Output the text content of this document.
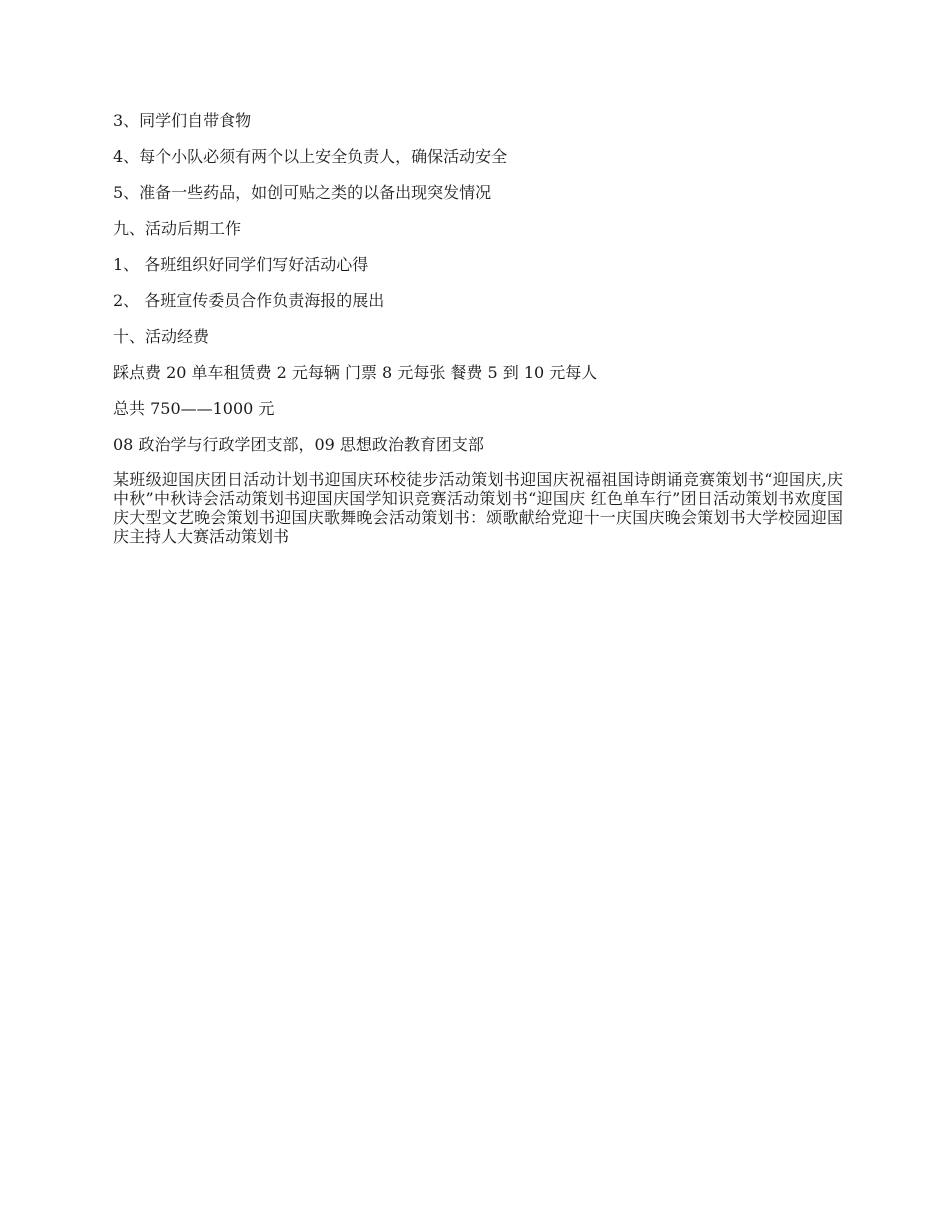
3、同学们自带食物

4、每个小队必须有两个以上安全负责人，确保活动安全

5、准备一些药品，如创可贴之类的以备出现突发情况

九、活动后期工作

1、 各班组织好同学们写好活动心得

2、 各班宣传委员合作负责海报的展出

十、活动经费

踩点费 20 单车租赁费 2 元每辆 门票 8 元每张 餐费 5 到 10 元每人

总共 750——1000 元

08 政治学与行政学团支部，09 思想政治教育团支部

某班级迎国庆团日活动计划书迎国庆环校徒步活动策划书迎国庆祝福祖国诗朗诵竞赛策划书“迎国庆,庆中秋”中秋诗会活动策划书迎国庆国学知识竞赛活动策划书“迎国庆 红色单车行”团日活动策划书欢度国庆大型文艺晚会策划书迎国庆歌舞晚会活动策划书：颂歌献给党迎十一庆国庆晚会策划书大学校园迎国庆主持人大赛活动策划书
